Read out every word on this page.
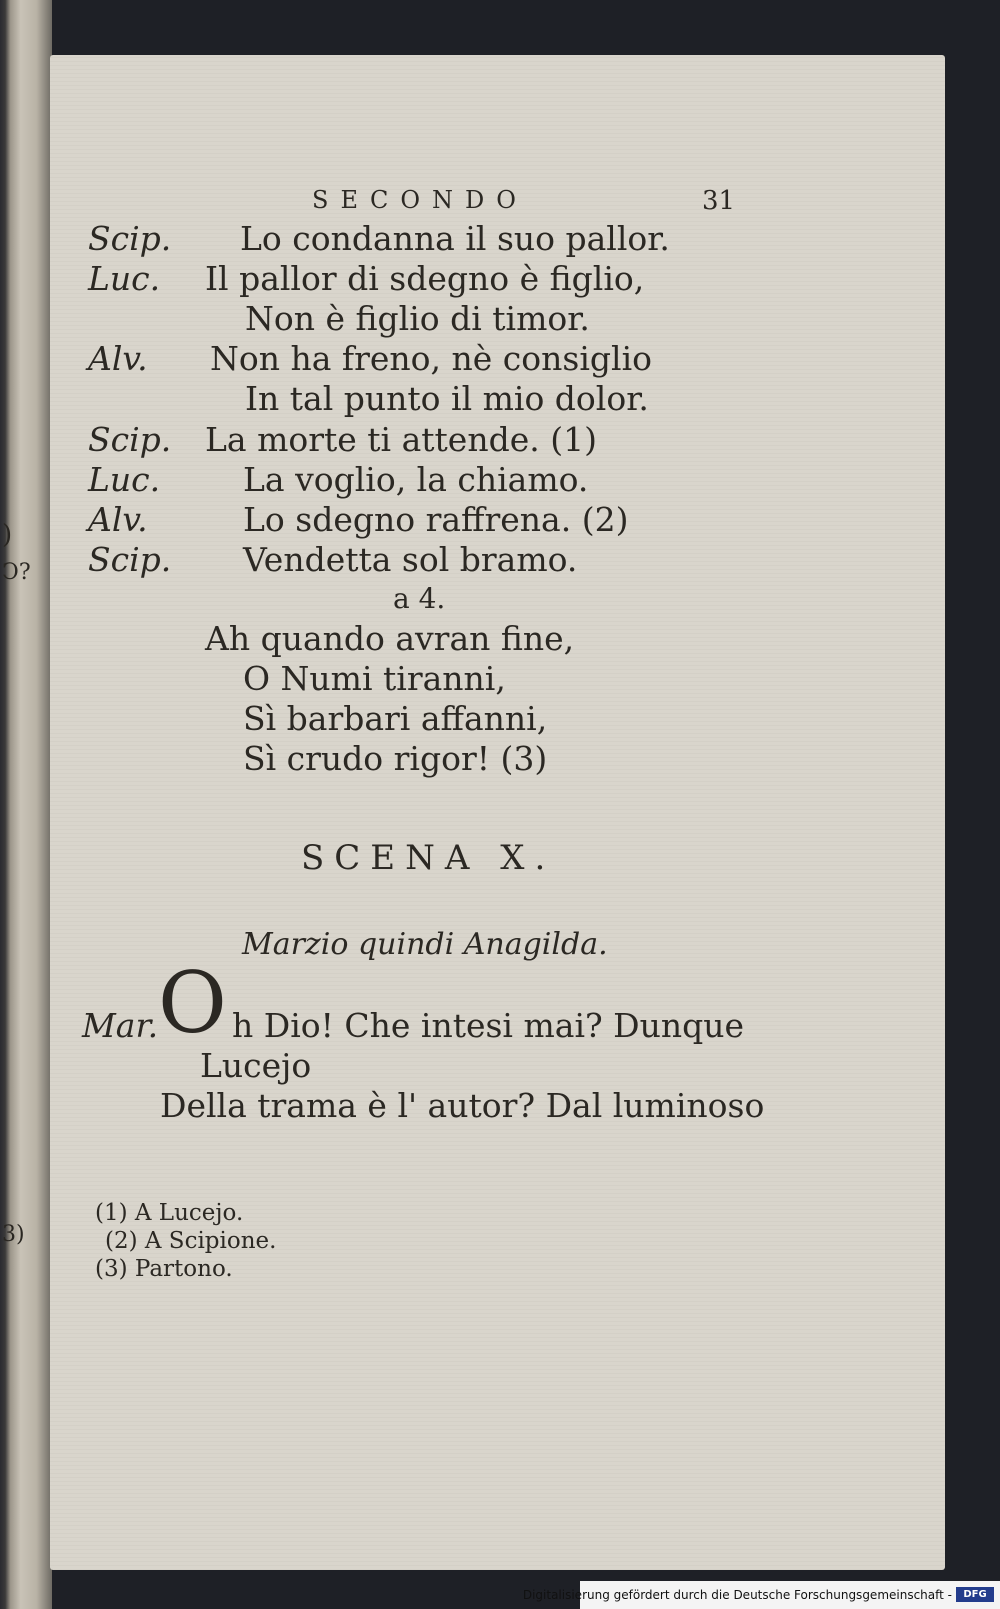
)
Ↄ?
3)
SECONDO	31
Scip. Lo condanna il suo pallor.
Luc. Il pallor di sdegno è figlio,
Non è figlio di timor.
Alv. Non ha freno, nè consiglio
In tal punto il mio dolor.
Scip. La morte ti attende. (1)
Luc.	La voglio, la chiamo.
Alv.	Lo sdegno raffrena. (2)
Scip. Vendetta sol bramo.
a 4.
Ah quando avran fine,
O Numi tiranni,
Sì barbari affanni,
Sì crudo rigor! (3)
SCENA X.
Marzio quindi Anagilda.
Mar. O h Dio! Che intesi mai? Dunque
Lucejo
Della trama è l' autor? Dal luminoso
(1) A Lucejo.
(2) A Scipione.
(3) Partono.
Digitalisierung gefördert durch die Deutsche Forschungsgemeinschaft -	DFG
